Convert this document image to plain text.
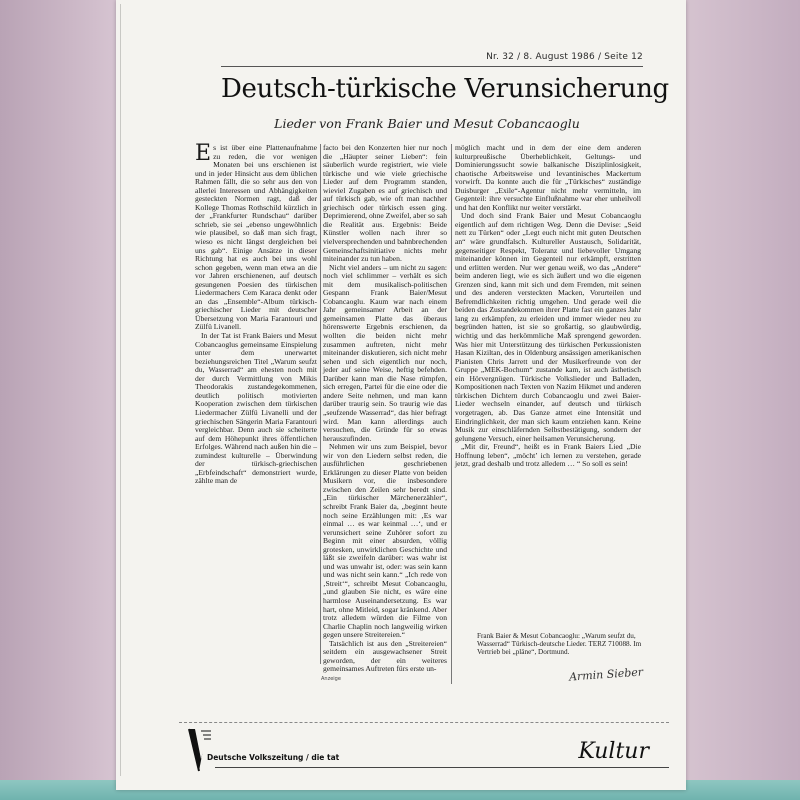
Nr. 32 / 8. August 1986 / Seite 12
Deutsch-türkische Verunsicherung
Lieder von Frank Baier und Mesut Cobancaoglu

Es ist über eine Plattenaufnahme zu reden, die vor wenigen Monaten bei uns erschienen ist und in jeder Hinsicht aus dem üblichen Rahmen fällt, die so sehr aus den von allerlei Interessen und Abhängigkeiten gesteckten Normen ragt, daß der Kollege Thomas Rothschild kürzlich in der „Frankfurter Rundschau“ darüber schrieb, sie sei „ebenso ungewöhnlich wie plausibel, so daß man sich fragt, wieso es nicht längst dergleichen bei uns gab“. Einige Ansätze in dieser Richtung hat es auch bei uns wohl schon gegeben, wenn man etwa an die vor Jahren erschienenen, auf deutsch gesungenen Poesien des türkischen Liedermachers Cem Karaca denkt oder an das „Ensemble“-Album türkisch-griechischer Lieder mit deutscher Übersetzung von Maria Farantouri und Zülfü Livanell.

In der Tat ist Frank Baiers und Mesut Cobancaoglus gemeinsame Einspielung unter dem unerwartet beziehungsreichen Titel „Warum seufzt du, Wasserrad“ am ehesten noch mit der durch Vermittlung von Mikis Theodorakis zustandegekommenen, deutlich politisch motivierten Kooperation zwischen dem türkischen Liedermacher Zülfü Livanelli und der griechischen Sängerin Maria Farantouri vergleichbar. Denn auch sie scheiterte auf dem Höhepunkt ihres öffentlichen Erfolges. Während nach außen hin die – zumindest kulturelle – Überwindung der türkisch-griechischen „Erbfeindschaft“ demonstriert wurde, zählte man de

facto bei den Konzerten hier nur noch die „Häupter seiner Lieben“: fein säuberlich wurde registriert, wie viele türkische und wie viele griechische Lieder auf dem Programm standen, wieviel Zugaben es auf griechisch und auf türkisch gab, wie oft man nachher griechisch oder türkisch essen ging. Deprimierend, ohne Zweifel, aber so sah die Realität aus. Ergebnis: Beide Künstler wollen nach ihrer so vielversprechenden und bahnbrechenden Gemeinschaftsinitiative nichts mehr miteinander zu tun haben.

Nicht viel anders – um nicht zu sagen: noch viel schlimmer – verhält es sich mit dem musikalisch-politischen Gespann Frank Baier/Mesut Cobancaoglu. Kaum war nach einem Jahr gemeinsamer Arbeit an der gemeinsamen Platte das überaus hörenswerte Ergebnis erschienen, da wollten die beiden nicht mehr zusammen auftreten, nicht mehr miteinander diskutieren, sich nicht mehr sehen und sich eigentlich nur noch, jeder auf seine Weise, heftig befehden. Darüber kann man die Nase rümpfen, sich erregen, Partei für die eine oder die andere Seite nehmen, und man kann darüber traurig sein. So traurig wie das „seufzende Wasserrad“, das hier befragt wird. Man kann allerdings auch versuchen, die Gründe für so etwas herauszufinden.

Nehmen wir uns zum Beispiel, bevor wir von den Liedern selbst reden, die ausführlichen geschriebenen Erklärungen zu dieser Platte von beiden Musikern vor, die insbesondere zwischen den Zeilen sehr beredt sind. „Ein türkischer Märchenerzähler“, schreibt Frank Baier da, „beginnt heute noch seine Erzählungen mit: ‚Es war einmal … es war keinmal …‘, und er verunsichert seine Zuhörer sofort zu Beginn mit einer absurden, völlig grotesken, unwirklichen Geschichte und läßt sie zweifeln darüber: was wahr ist und was unwahr ist, oder: was sein kann und was nicht sein kann.“ „Ich rede von ‚Streit‘“, schreibt Mesut Cobancaoglu, „und glauben Sie nicht, es wäre eine harmlose Auseinandersetzung. Es war hart, ohne Mitleid, sogar kränkend. Aber trotz alledem würden die Filme von Charlie Chaplin noch langweilig wirken gegen unsere Streitereien.“

Tatsächlich ist aus den „Streitereien“ seitdem ein ausgewachsener Streit geworden, der ein weiteres gemeinsames Auftreten fürs erste un-

möglich macht und in dem der eine dem anderen kulturpreußische Überheblichkeit, Geltungs- und Dominierungssucht sowie balkanische Disziplinlosigkeit, chaotische Arbeitsweise und levantinisches Mackertum vorwirft. Da konnte auch die für „Türkisches“ zuständige Duisburger „Exile“-Agentur nicht mehr vermitteln, im Gegenteil: ihre versuchte Einflußnahme war eher unheilvoll und hat den Konflikt nur weiter verstärkt.

Und doch sind Frank Baier und Mesut Cobancaoglu eigentlich auf dem richtigen Weg. Denn die Devise: „Seid nett zu Türken“ oder „Legt euch nicht mit guten Deutschen an“ wäre grundfalsch. Kultureller Austausch, Solidarität, gegenseitiger Respekt, Toleranz und liebevoller Umgang miteinander können im Gegenteil nur erkämpft, erstritten und erlitten werden. Nur wer genau weiß, wo das „Andere“ beim anderen liegt, wie es sich äußert und wo die eigenen Grenzen sind, kann mit sich und dem Fremden, mit seinen und des anderen versteckten Macken, Vorurteilen und Befremdlichkeiten richtig umgehen. Und gerade weil die beiden das Zustandekommen ihrer Platte fast ein ganzes Jahr lang zu erkämpfen, zu erleiden und immer wieder neu zu begründen hatten, ist sie so großartig, so glaubwürdig, wichtig und das herkömmliche Maß sprengend geworden. Was hier mit Unterstützung des türkischen Perkussionisten Hasan Kiziltan, des in Oldenburg ansässigen amerikanischen Pianisten Chris Jarrett und der Musikerfreunde von der Gruppe „MEK-Bochum“ zustande kam, ist auch ästhetisch ein Hörvergnügen. Türkische Volkslieder und Balladen, Kompositionen nach Texten von Nazim Hikmet und anderen türkischen Dichtern durch Cobancaoglu und zwei Baier-Lieder wechseln einander, auf deutsch und türkisch vorgetragen, ab. Das Ganze atmet eine Intensität und Eindringlichkeit, der man sich kaum entziehen kann. Keine Musik zur einschläfernden Selbstbestätigung, sondern der gelungene Versuch, einer heilsamen Verunsicherung.

„Mit dir, Freund“, heißt es in Frank Baiers Lied „Die Hoffnung leben“, „möcht’ ich lernen zu verstehen, gerade jetzt, grad deshalb und trotz alledem … “ So soll es sein!

Frank Baier & Mesut Cobancaoglu: „Warum seufzt du, Wasserrad“ Türkisch-deutsche Lieder. TERZ 710088. Im Vertrieb bei „pläne“, Dortmund.
Armin Sieber
Anzeige
Deutsche Volkszeitung / die tat	Kultur
